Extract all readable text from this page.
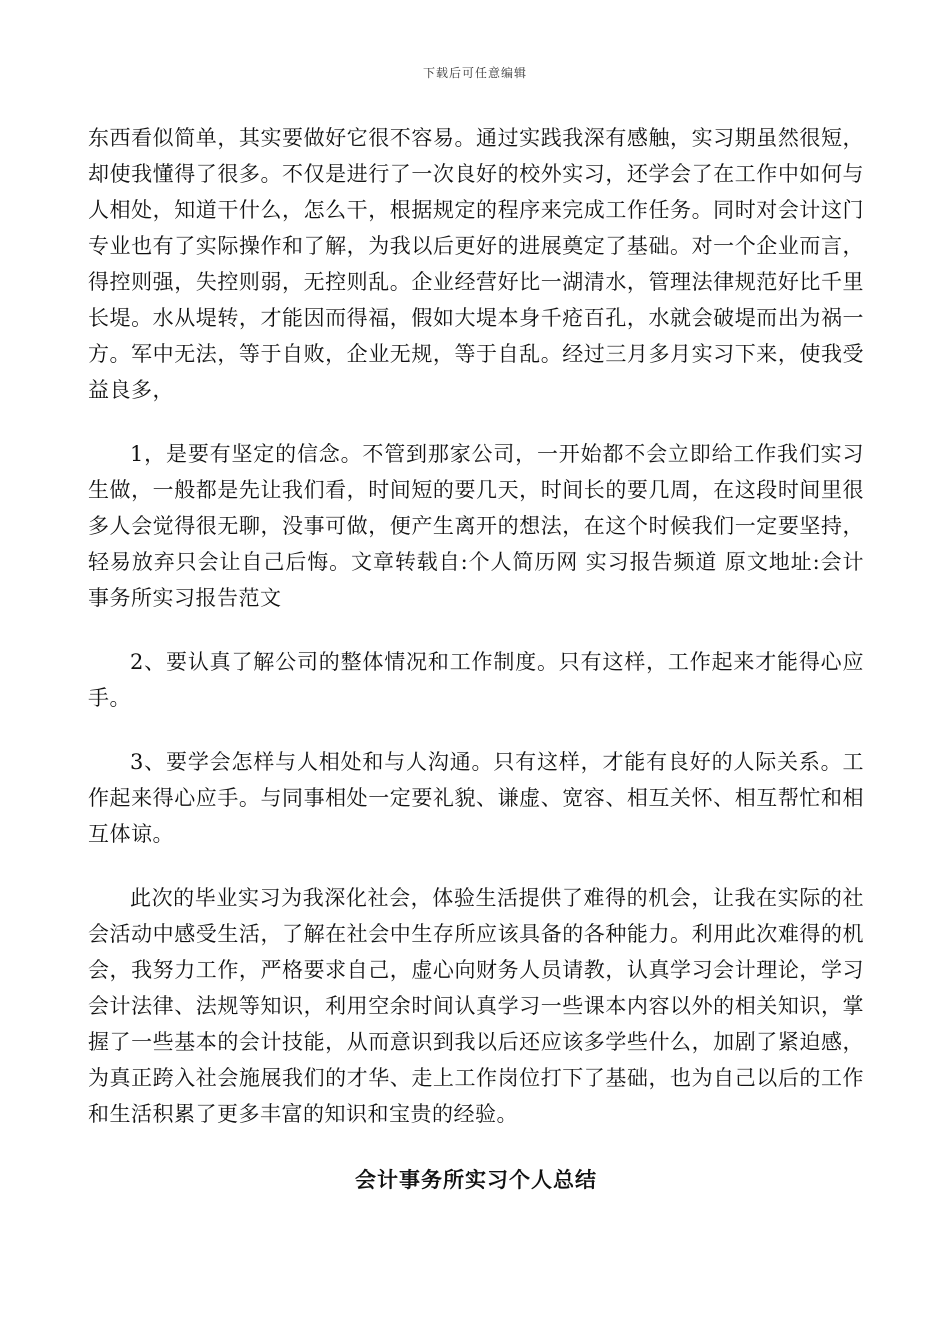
下载后可任意编辑

东西看似简单，其实要做好它很不容易。通过实践我深有感触，实习期虽然很短，却使我懂得了很多。不仅是进行了一次良好的校外实习，还学会了在工作中如何与人相处，知道干什么，怎么干，根据规定的程序来完成工作任务。同时对会计这门专业也有了实际操作和了解，为我以后更好的进展奠定了基础。对一个企业而言，得控则强，失控则弱，无控则乱。企业经营好比一湖清水，管理法律规范好比千里长堤。水从堤转，才能因而得福，假如大堤本身千疮百孔，水就会破堤而出为祸一方。军中无法，等于自败，企业无规，等于自乱。经过三月多月实习下来，使我受益良多，

1，是要有坚定的信念。不管到那家公司，一开始都不会立即给工作我们实习生做，一般都是先让我们看，时间短的要几天，时间长的要几周，在这段时间里很多人会觉得很无聊，没事可做，便产生离开的想法，在这个时候我们一定要坚持，轻易放弃只会让自己后悔。文章转载自:个人简历网 实习报告频道 原文地址:会计事务所实习报告范文

2、要认真了解公司的整体情况和工作制度。只有这样，工作起来才能得心应手。

3、要学会怎样与人相处和与人沟通。只有这样，才能有良好的人际关系。工作起来得心应手。与同事相处一定要礼貌、谦虚、宽容、相互关怀、相互帮忙和相互体谅。

此次的毕业实习为我深化社会，体验生活提供了难得的机会，让我在实际的社会活动中感受生活，了解在社会中生存所应该具备的各种能力。利用此次难得的机会，我努力工作，严格要求自己，虚心向财务人员请教，认真学习会计理论，学习会计法律、法规等知识，利用空余时间认真学习一些课本内容以外的相关知识，掌握了一些基本的会计技能，从而意识到我以后还应该多学些什么，加剧了紧迫感，为真正跨入社会施展我们的才华、走上工作岗位打下了基础，也为自己以后的工作和生活积累了更多丰富的知识和宝贵的经验。

会计事务所实习个人总结
